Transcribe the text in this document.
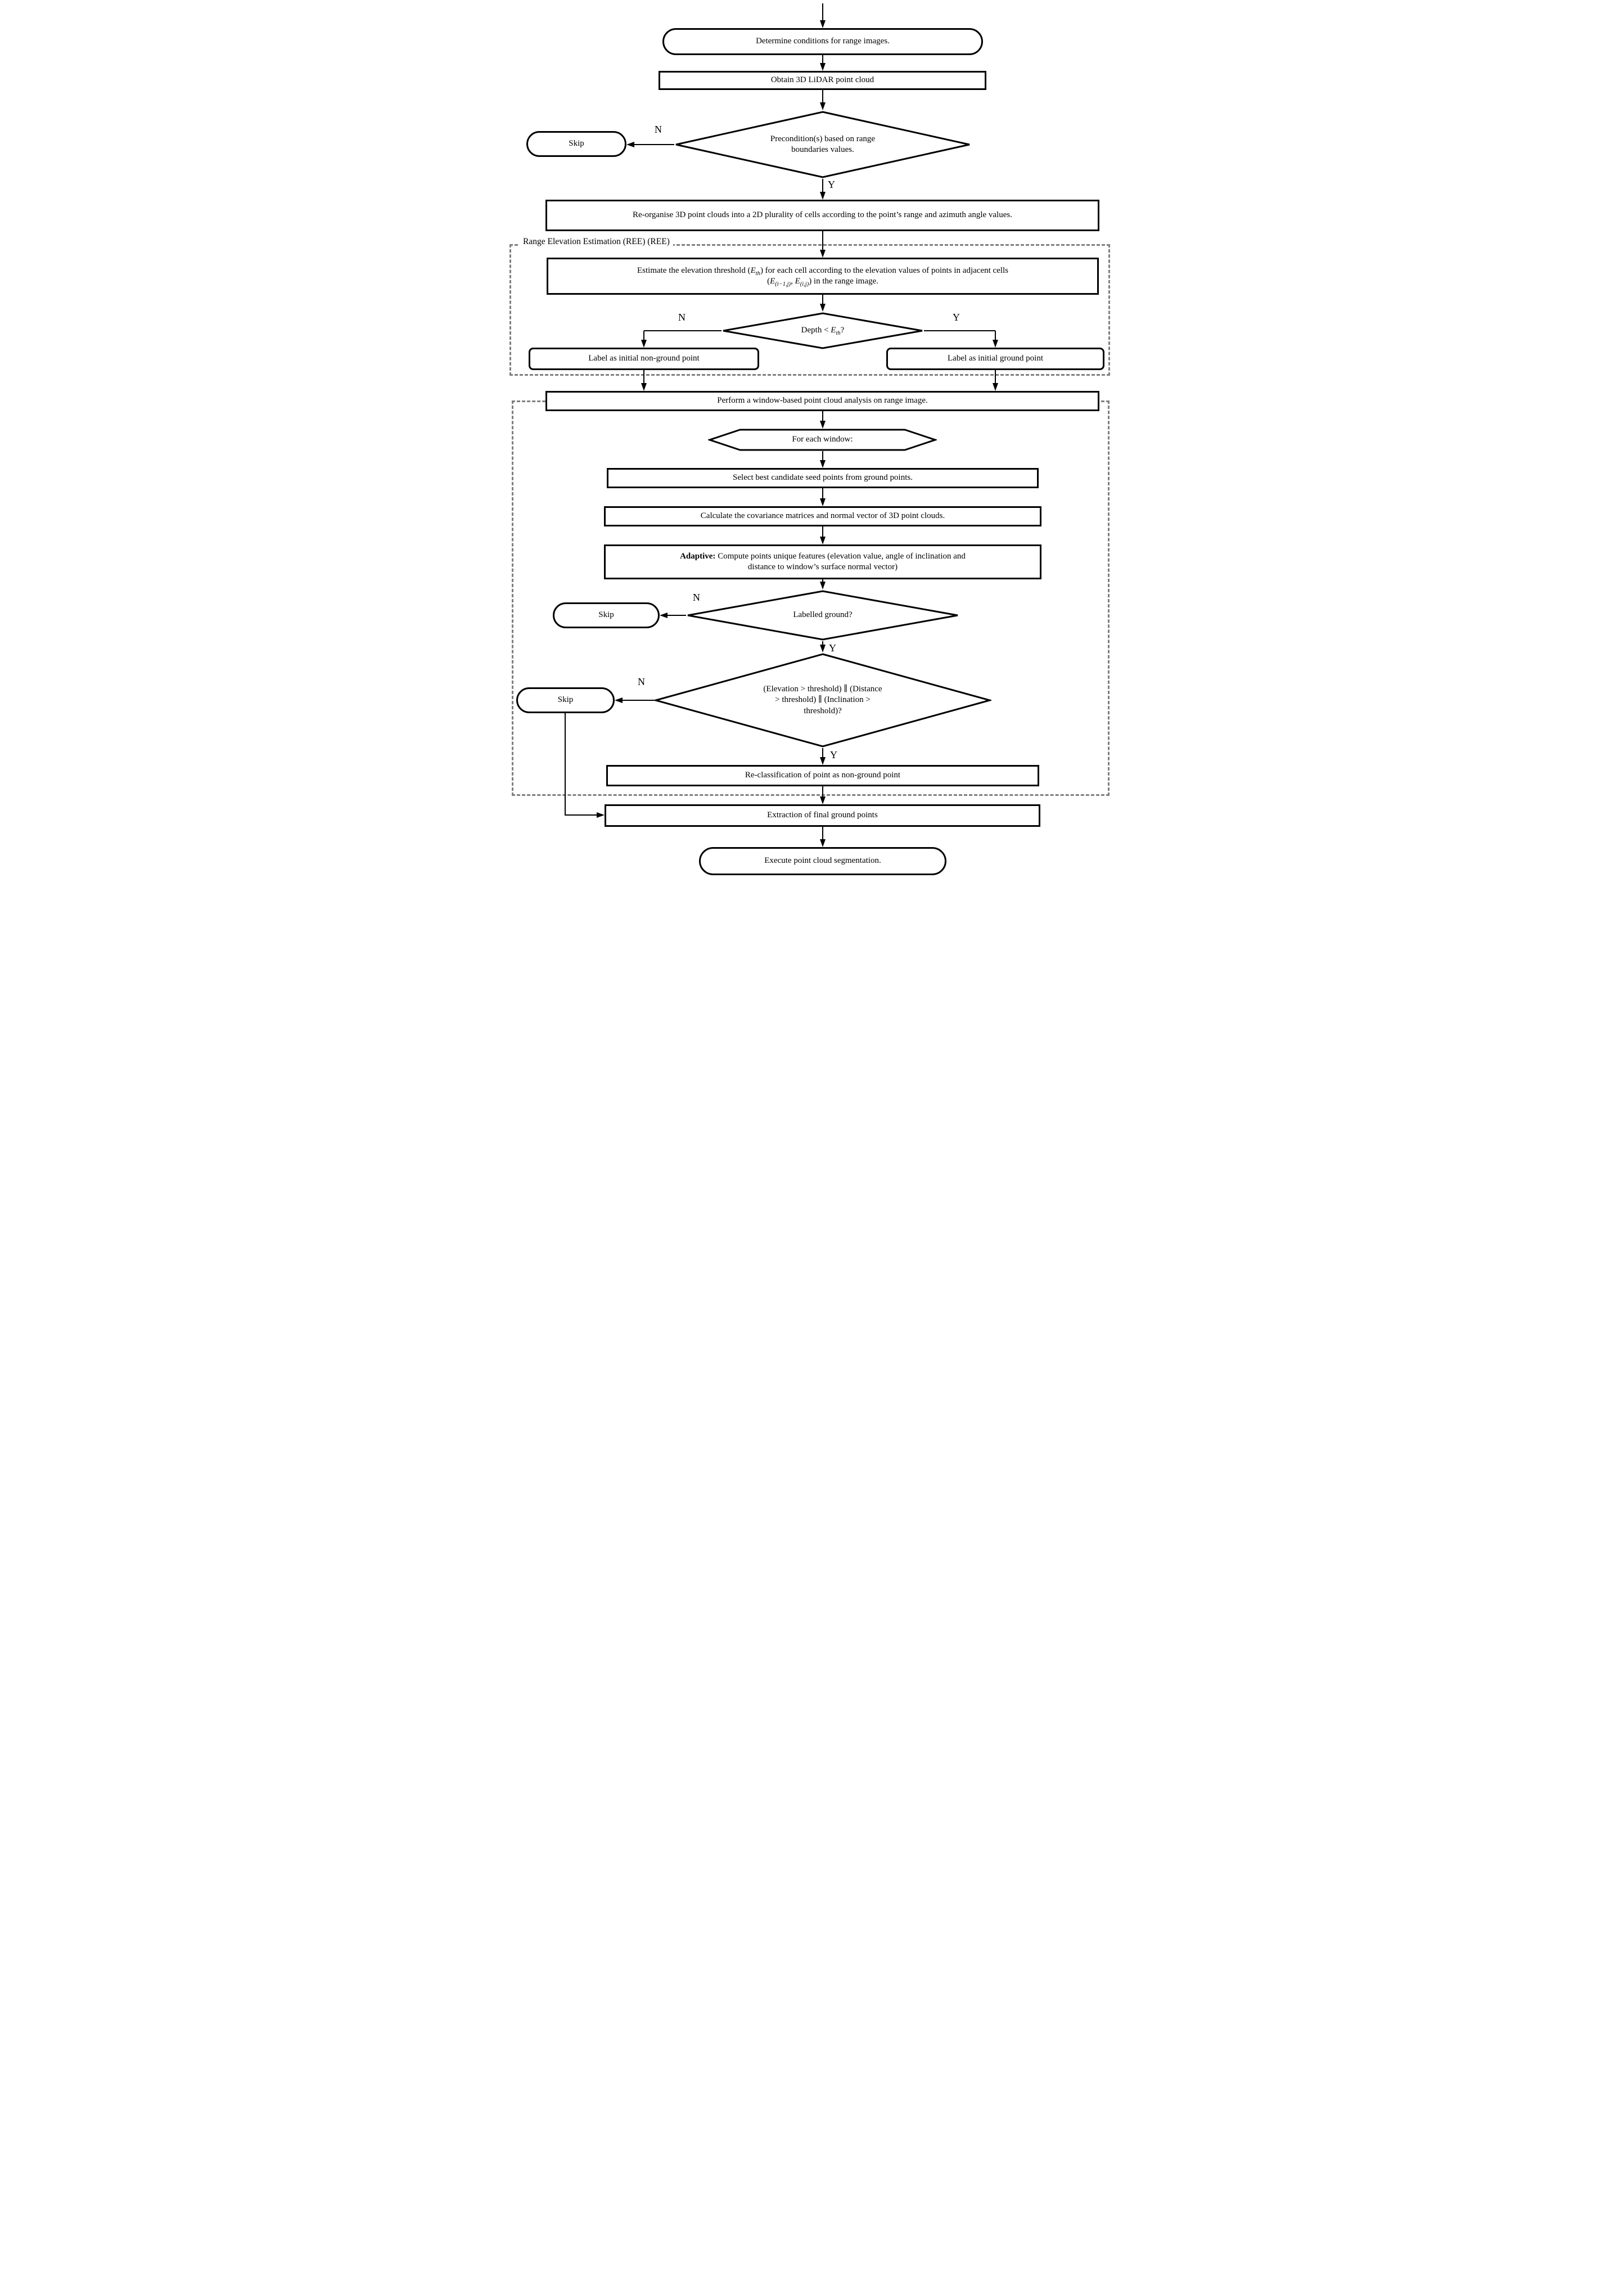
Range Elevation Estimation (REE) (REE)
Determine conditions for range images.
Obtain 3D LiDAR point cloud
Precondition(s) based on range
boundaries values.
N
Skip
Y
Re-organise 3D point clouds into a 2D plurality of cells according to the point’s range and azimuth angle values.
Estimate the elevation threshold $(E_{th})$ for each cell according to the elevation values of points in adjacent cells
($E_{(i-1,j)}$, $E_{(i,j)}$) in the range image.
Depth < $E_{th}$?
N	Y
Label as initial non-ground point	Label as initial ground point
Perform a window-based point cloud analysis on range image.
For each window:
Select best candidate seed points from ground points.
Calculate the covariance matrices and normal vector of 3D point clouds.
Adaptive: Compute points unique features (elevation value, angle of inclination and
distance to window’s surface normal vector)
Labelled ground?
N
Skip
Y
(Elevation > threshold) ∥ (Distance
> threshold) ∥ (Inclination >
threshold)?
N
Skip
Y
Re-classification of point as non-ground point
Extraction of final ground points
Execute point cloud segmentation.
